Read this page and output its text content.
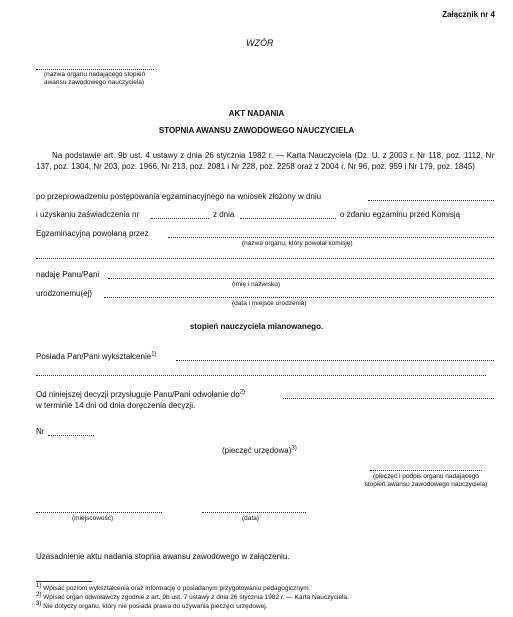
Załącznik nr 4
WZÓR
(nazwa organu nadającego stopień awansu zawodowego nauczyciela)
AKT NADANIA
STOPNIA AWANSU ZAWODOWEGO NAUCZYCIELA
Na podstawie art. 9b ust. 4 ustawy z dnia 26 stycznia 1982 r. — Karta Nauczyciela (Dz. U. z 2003 r. Nr 118, poz. 1112, Nr 137, poz. 1304, Nr 203, poz. 1966, Nr 213, poz. 2081 i Nr 228, poz. 2258 oraz z 2004 r. Nr 96, poz. 959 i Nr 179, poz. 1845)
po przeprowadzeniu postępowania egzaminacyjnego na wniosek złożony w dniu
i uzyskaniu zaświadczenia nr	z dnia	o zdaniu egzaminu przed Komisją
Egzaminacyjną powołaną przez
(nazwa organu, który powołał komisję)
nadaję Panu/Pani
(imię i nazwisko)
urodzonemu(ej)
(data i miejsce urodzenia)
stopień nauczyciela mianowanego.
Posiada Pan/Pani wykształcenie$^{1)}$
Od niniejszej decyzji przysługuje Panu/Pani odwołanie $do^{2)}$
w terminie 14 dni od dnia doręczenia decyzji.
Nr
(pieczęć urzędowa)$^{3)}$
(pieczęć i podpis organu nadającego stopień awansu zawodowego nauczyciela)
(miejscowość)	(data)
Uzasadnienie aktu nadania stopnia awansu zawodowego w załączeniu.
$^{1)}$ Wpisać poziom wykształcenia oraz informację o posiadanym przygotowaniu pedagogicznym.
$^{2)}$ Wpisać organ odwoławczy zgodnie z art. 9b ust. 7 ustawy z dnia 26 stycznia 1982 r. — Karta Nauczyciela.
$^{3)}$ Nie dotyczy organu, który nie posiada prawa do używania pieczęci urzędowej.
